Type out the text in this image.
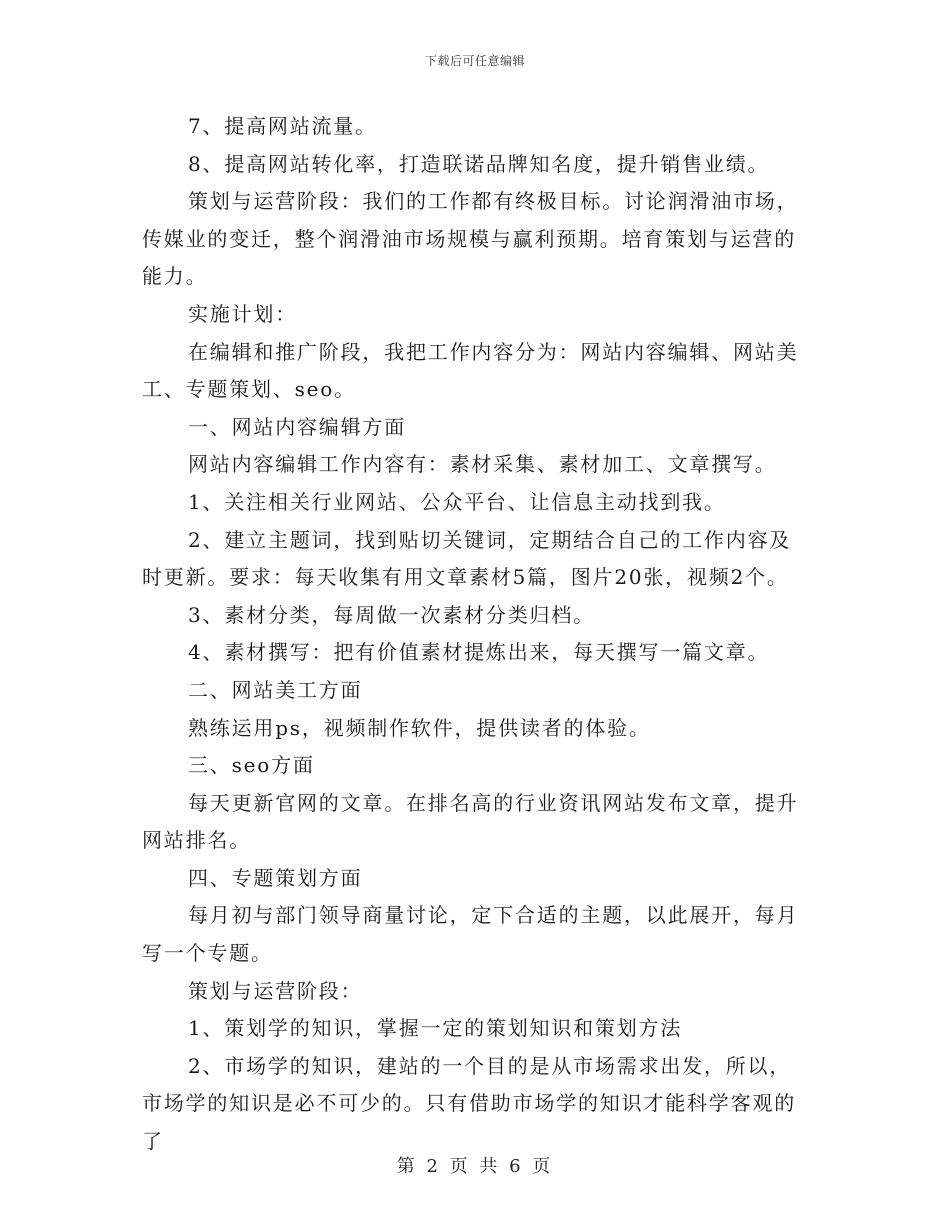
下载后可任意编辑

7、提高网站流量。

8、提高网站转化率，打造联诺品牌知名度，提升销售业绩。

策划与运营阶段：我们的工作都有终极目标。讨论润滑油市场，传媒业的变迁，整个润滑油市场规模与赢利预期。培育策划与运营的能力。

实施计划：

在编辑和推广阶段，我把工作内容分为：网站内容编辑、网站美工、专题策划、seo。

一、网站内容编辑方面

网站内容编辑工作内容有：素材采集、素材加工、文章撰写。

1、关注相关行业网站、公众平台、让信息主动找到我。

2、建立主题词，找到贴切关键词，定期结合自己的工作内容及时更新。要求：每天收集有用文章素材5篇，图片20张，视频2个。

3、素材分类，每周做一次素材分类归档。

4、素材撰写：把有价值素材提炼出来，每天撰写一篇文章。

二、网站美工方面

熟练运用ps，视频制作软件，提供读者的体验。

三、seo方面

每天更新官网的文章。在排名高的行业资讯网站发布文章，提升网站排名。

四、专题策划方面

每月初与部门领导商量讨论，定下合适的主题，以此展开，每月写一个专题。

策划与运营阶段：

1、策划学的知识，掌握一定的策划知识和策划方法

2、市场学的知识，建站的一个目的是从市场需求出发，所以，市场学的知识是必不可少的。只有借助市场学的知识才能科学客观的了

第 2 页 共 6 页
